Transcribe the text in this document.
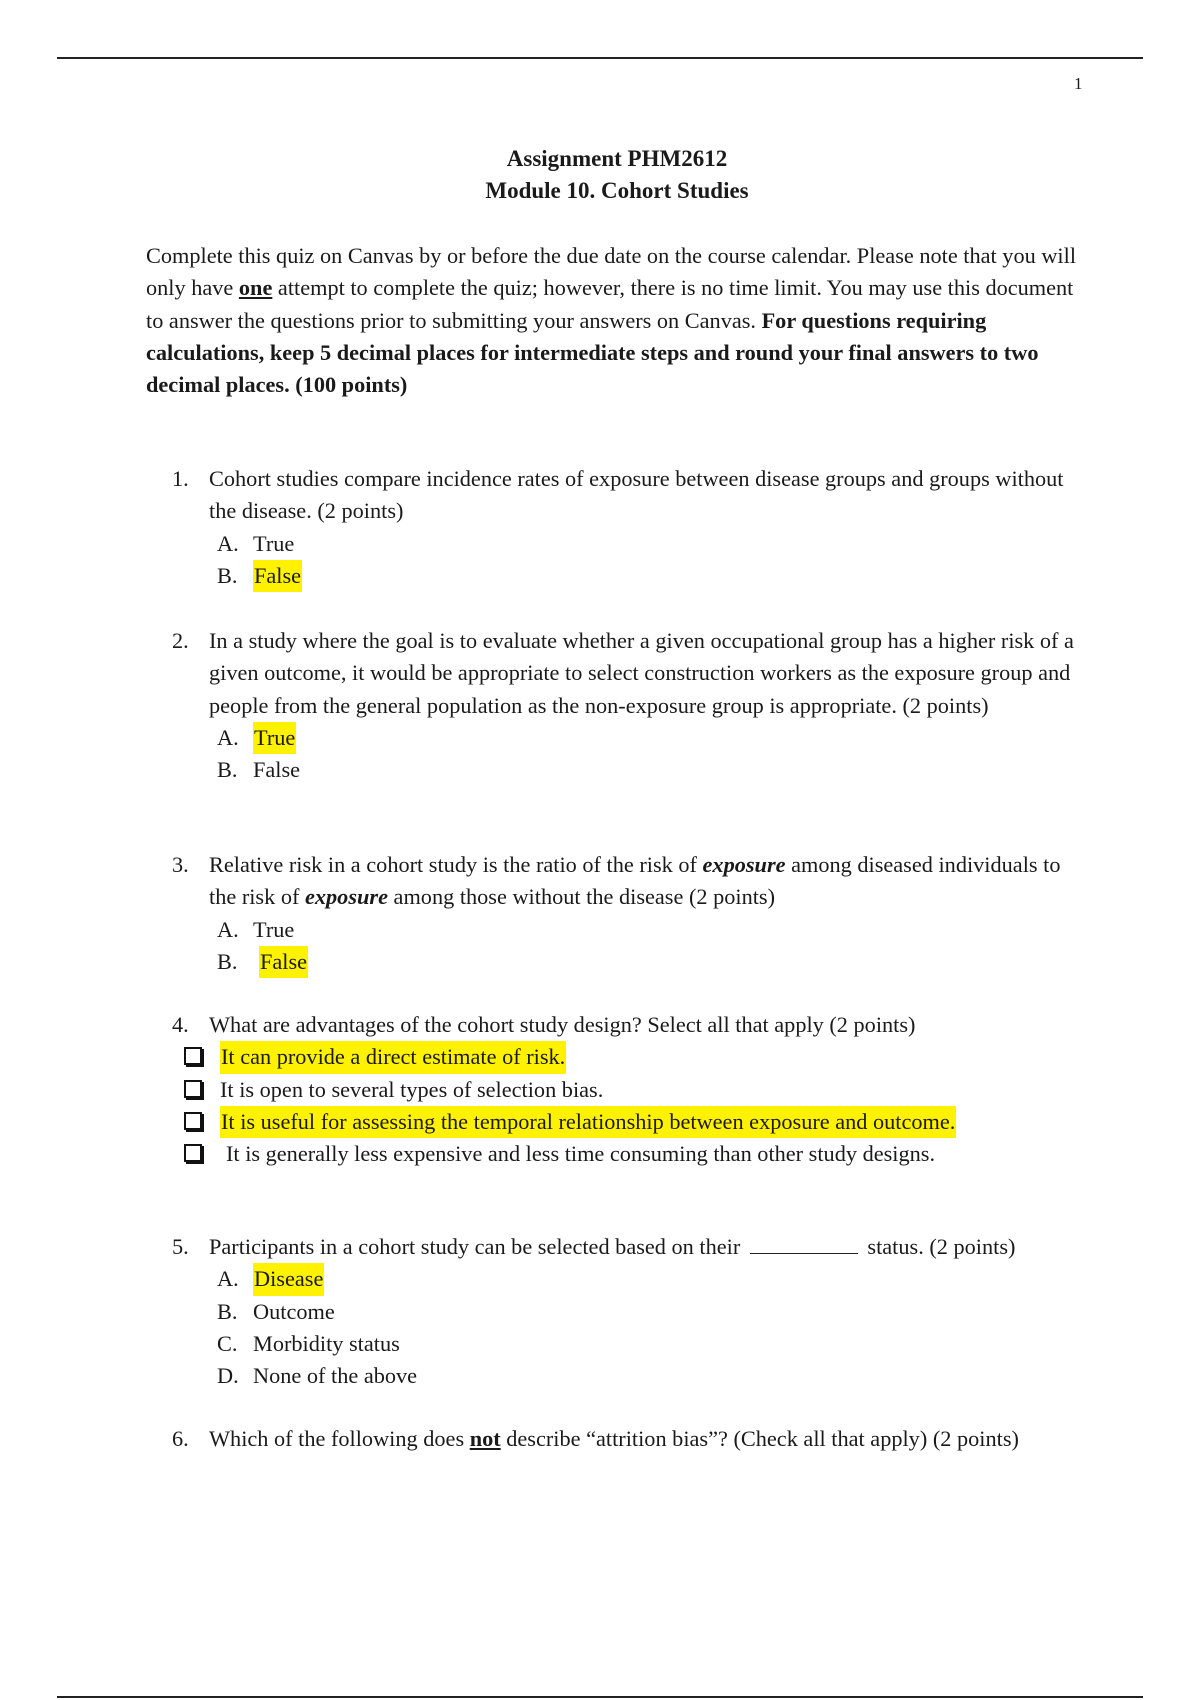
1
Assignment PHM2612
Module 10. Cohort Studies

Complete this quiz on Canvas by or before the due date on the course calendar. Please note that you will only have one attempt to complete the quiz; however, there is no time limit. You may use this document to answer the questions prior to submitting your answers on Canvas. For questions requiring calculations, keep 5 decimal places for intermediate steps and round your final answers to two decimal places. (100 points)

1. Cohort studies compare incidence rates of exposure between disease groups and groups without the disease. (2 points)
A. True
B. False
2. In a study where the goal is to evaluate whether a given occupational group has a higher risk of a given outcome, it would be appropriate to select construction workers as the exposure group and people from the general population as the non-exposure group is appropriate. (2 points)
A. True
B. False
3. Relative risk in a cohort study is the ratio of the risk of exposure among diseased individuals to the risk of exposure among those without the disease (2 points)
A. True
B.	False
4. What are advantages of the cohort study design? Select all that apply (2 points)
It can provide a direct estimate of risk.
It is open to several types of selection bias.
It is useful for assessing the temporal relationship between exposure and outcome.
It is generally less expensive and less time consuming than other study designs.
5. Participants in a cohort study can be selected based on their	status. (2 points)
A. Disease
B. Outcome
C. Morbidity status
D. None of the above
6. Which of the following does not describe “attrition bias”? (Check all that apply) (2 points)
